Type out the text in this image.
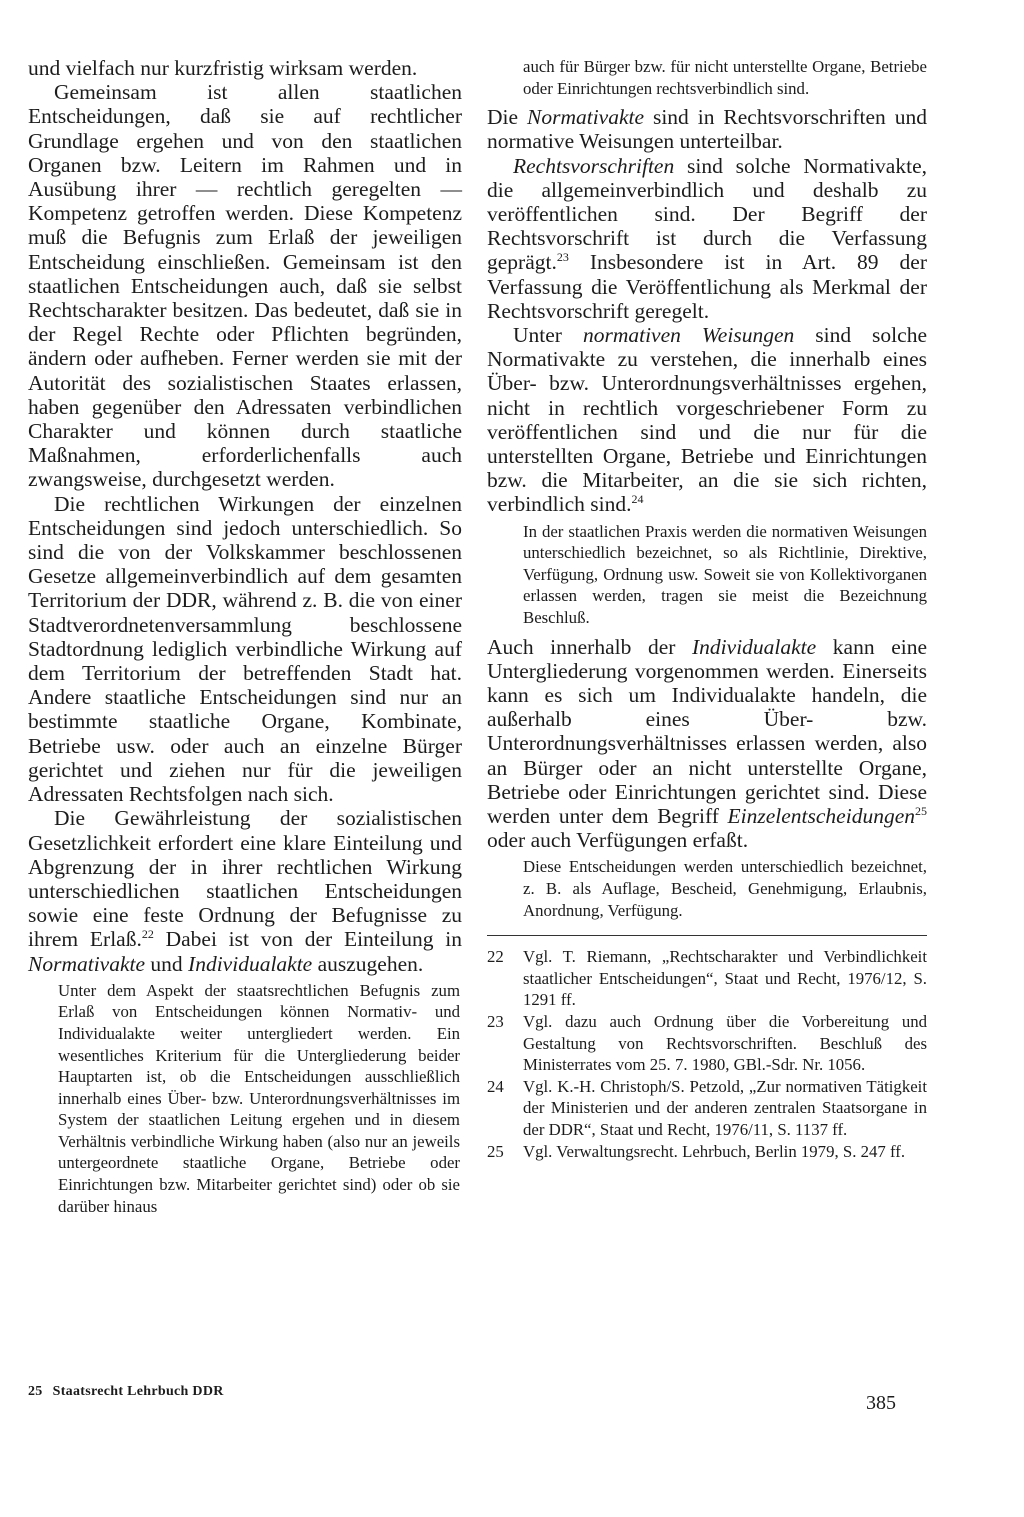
und vielfach nur kurzfristig wirksam werden.

Gemeinsam ist allen staatlichen Entscheidungen, daß sie auf rechtlicher Grundlage ergehen und von den staatlichen Organen bzw. Leitern im Rahmen und in Ausübung ihrer — rechtlich geregelten — Kompetenz getroffen werden. Diese Kompetenz muß die Befugnis zum Erlaß der jeweiligen Entscheidung einschließen. Gemeinsam ist den staatlichen Entscheidungen auch, daß sie selbst Rechtscharakter besitzen. Das bedeutet, daß sie in der Regel Rechte oder Pflichten begründen, ändern oder aufheben. Ferner werden sie mit der Autorität des sozialistischen Staates erlassen, haben gegenüber den Adressaten verbindlichen Charakter und können durch staatliche Maßnahmen, erforderlichenfalls auch zwangsweise, durchgesetzt werden.

Die rechtlichen Wirkungen der einzelnen Entscheidungen sind jedoch unterschiedlich. So sind die von der Volkskammer beschlossenen Gesetze allgemeinverbindlich auf dem gesamten Territorium der DDR, während z. B. die von einer Stadtverordnetenversammlung beschlossene Stadtordnung lediglich verbindliche Wirkung auf dem Territorium der betreffenden Stadt hat. Andere staatliche Entscheidungen sind nur an bestimmte staatliche Organe, Kombinate, Betriebe usw. oder auch an einzelne Bürger gerichtet und ziehen nur für die jeweiligen Adressaten Rechtsfolgen nach sich.

Die Gewährleistung der sozialistischen Gesetzlichkeit erfordert eine klare Einteilung und Abgrenzung der in ihrer rechtlichen Wirkung unterschiedlichen staatlichen Entscheidungen sowie eine feste Ordnung der Befugnisse zu ihrem Erlaß.$^{22}$ Dabei ist von der Einteilung in Normativakte und Individualakte auszugehen.

Unter dem Aspekt der staatsrechtlichen Befugnis zum Erlaß von Entscheidungen können Normativ- und Individualakte weiter untergliedert werden. Ein wesentliches Kriterium für die Untergliederung beider Hauptarten ist, ob die Entscheidungen ausschließlich innerhalb eines Über- bzw. Unterordnungsverhältnisses im System der staatlichen Leitung ergehen und in diesem Verhältnis verbindliche Wirkung haben (also nur an jeweils untergeordnete staatliche Organe, Betriebe oder Einrichtungen bzw. Mitarbeiter gerichtet sind) oder ob sie darüber hinaus

auch für Bürger bzw. für nicht unterstellte Organe, Betriebe oder Einrichtungen rechtsverbindlich sind.

Die Normativakte sind in Rechtsvorschriften und normative Weisungen unterteilbar.

Rechtsvorschriften sind solche Normativakte, die allgemeinverbindlich und deshalb zu veröffentlichen sind. Der Begriff der Rechtsvorschrift ist durch die Verfassung geprägt.$^{23}$ Insbesondere ist in Art. 89 der Verfassung die Veröffentlichung als Merkmal der Rechtsvorschrift geregelt.

Unter normativen Weisungen sind solche Normativakte zu verstehen, die innerhalb eines Über- bzw. Unterordnungsverhältnisses ergehen, nicht in rechtlich vorgeschriebener Form zu veröffentlichen sind und die nur für die unterstellten Organe, Betriebe und Einrichtungen bzw. die Mitarbeiter, an die sie sich richten, verbindlich sind.$^{24}$

In der staatlichen Praxis werden die normativen Weisungen unterschiedlich bezeichnet, so als Richtlinie, Direktive, Verfügung, Ordnung usw. Soweit sie von Kollektivorganen erlassen werden, tragen sie meist die Bezeichnung Beschluß.

Auch innerhalb der Individualakte kann eine Untergliederung vorgenommen werden. Einerseits kann es sich um Individualakte handeln, die außerhalb eines Über- bzw. Unterordnungsverhältnisses erlassen werden, also an Bürger oder an nicht unterstellte Organe, Betriebe oder Einrichtungen gerichtet sind. Diese werden unter dem Begriff Einzelentscheidungen$^{25}$ oder auch Verfügungen erfaßt.

Diese Entscheidungen werden unterschiedlich bezeichnet, z. B. als Auflage, Bescheid, Genehmigung, Erlaubnis, Anordnung, Verfügung.

22	Vgl. T. Riemann, „Rechtscharakter und Verbindlichkeit staatlicher Entscheidungen“, Staat und Recht, 1976/12, S. 1291 ff.
23	Vgl. dazu auch Ordnung über die Vorbereitung und Gestaltung von Rechtsvorschriften. Beschluß des Ministerrates vom 25. 7. 1980, GBl.-Sdr. Nr. 1056.
24	Vgl. K.-H. Christoph/S. Petzold, „Zur normativen Tätigkeit der Ministerien und der anderen zentralen Staatsorgane in der DDR“, Staat und Recht, 1976/11, S. 1137 ff.
25	Vgl. Verwaltungsrecht. Lehrbuch, Berlin 1979, S. 247 ff.
25 Staatsrecht Lehrbuch DDR
385
